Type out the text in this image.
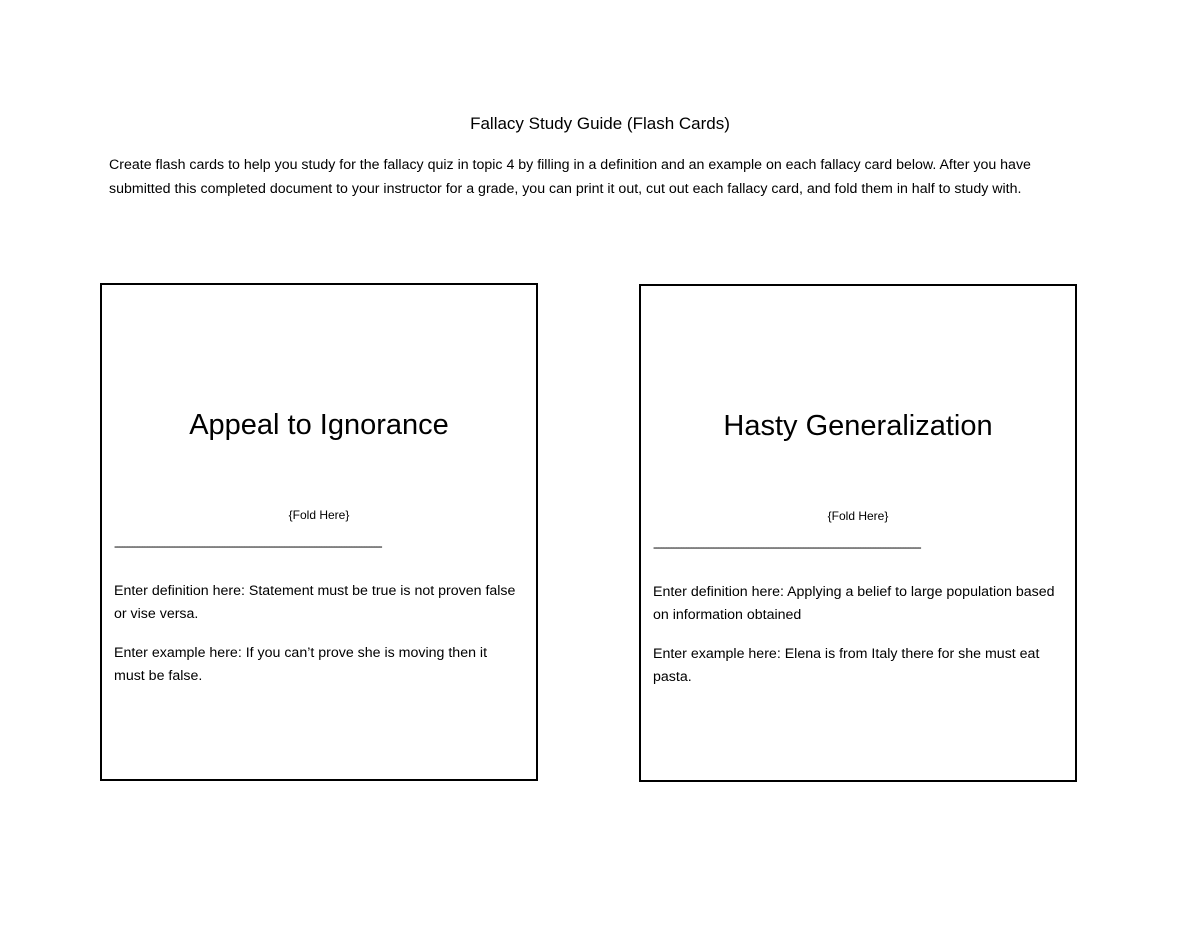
Fallacy Study Guide (Flash Cards)
Create flash cards to help you study for the fallacy quiz in topic 4 by filling in a definition and an example on each fallacy card below. After you have submitted this completed document to your instructor for a grade, you can print it out, cut out each fallacy card, and fold them in half to study with.
Appeal to Ignorance
{Fold Here}
-----------------------------------------------------------------------------------------------------------
Enter definition here: Statement must be true is not proven false or vise versa.
Enter example here: If you can’t prove she is moving then it must be false.
Hasty Generalization
{Fold Here}
-----------------------------------------------------------------------------------------------------------
Enter definition here: Applying a belief to large population based on information obtained
Enter example here: Elena is from Italy there for she must eat pasta.
